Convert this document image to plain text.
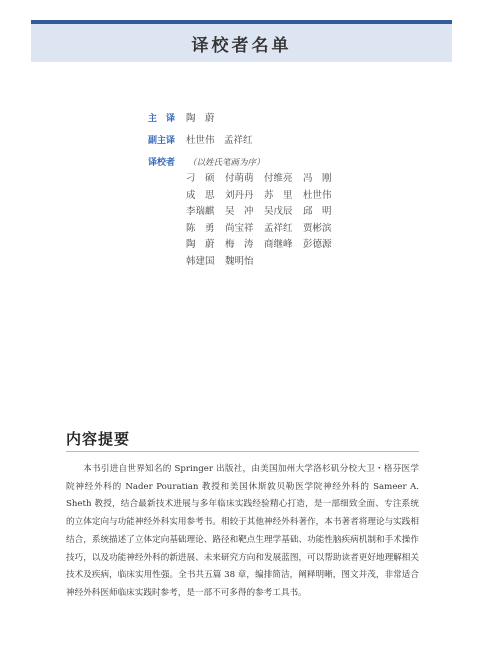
译校者名单
主　译	陶　蔚
副主译	杜世伟　孟祥红
译校者	（以姓氏笔画为序）
刁　硕	付萌萌	付维亮	冯　刚
成　思	刘丹丹	苏　里	杜世伟
李瑞麒	吴　冲	吴戊辰	邱　明
陈　勇	尚宝祥	孟祥红	贾彬滨
陶　蔚	梅　涛	商继峰	彭德源
韩建国	魏明怡
内容提要

本书引进自世界知名的 Springer 出版社，由美国加州大学洛杉矶分校大卫・格芬医学院神经外科的 Nader Pouratian 教授和美国休斯敦贝勒医学院神经外科的 Sameer A. Sheth 教授，结合最新技术进展与多年临床实践经验精心打造，是一部细致全面、专注系统的立体定向与功能神经外科实用参考书。相较于其他神经外科著作，本书著者将理论与实践相结合，系统描述了立体定向基础理论、路径和靶点生理学基础、功能性脑疾病机制和手术操作技巧，以及功能神经外科的新进展、未来研究方向和发展蓝图，可以帮助读者更好地理解相关技术及疾病，临床实用性强。全书共五篇 38 章，编排简洁，阐释明晰，图文并茂，非常适合神经外科医师临床实践时参考，是一部不可多得的参考工具书。
